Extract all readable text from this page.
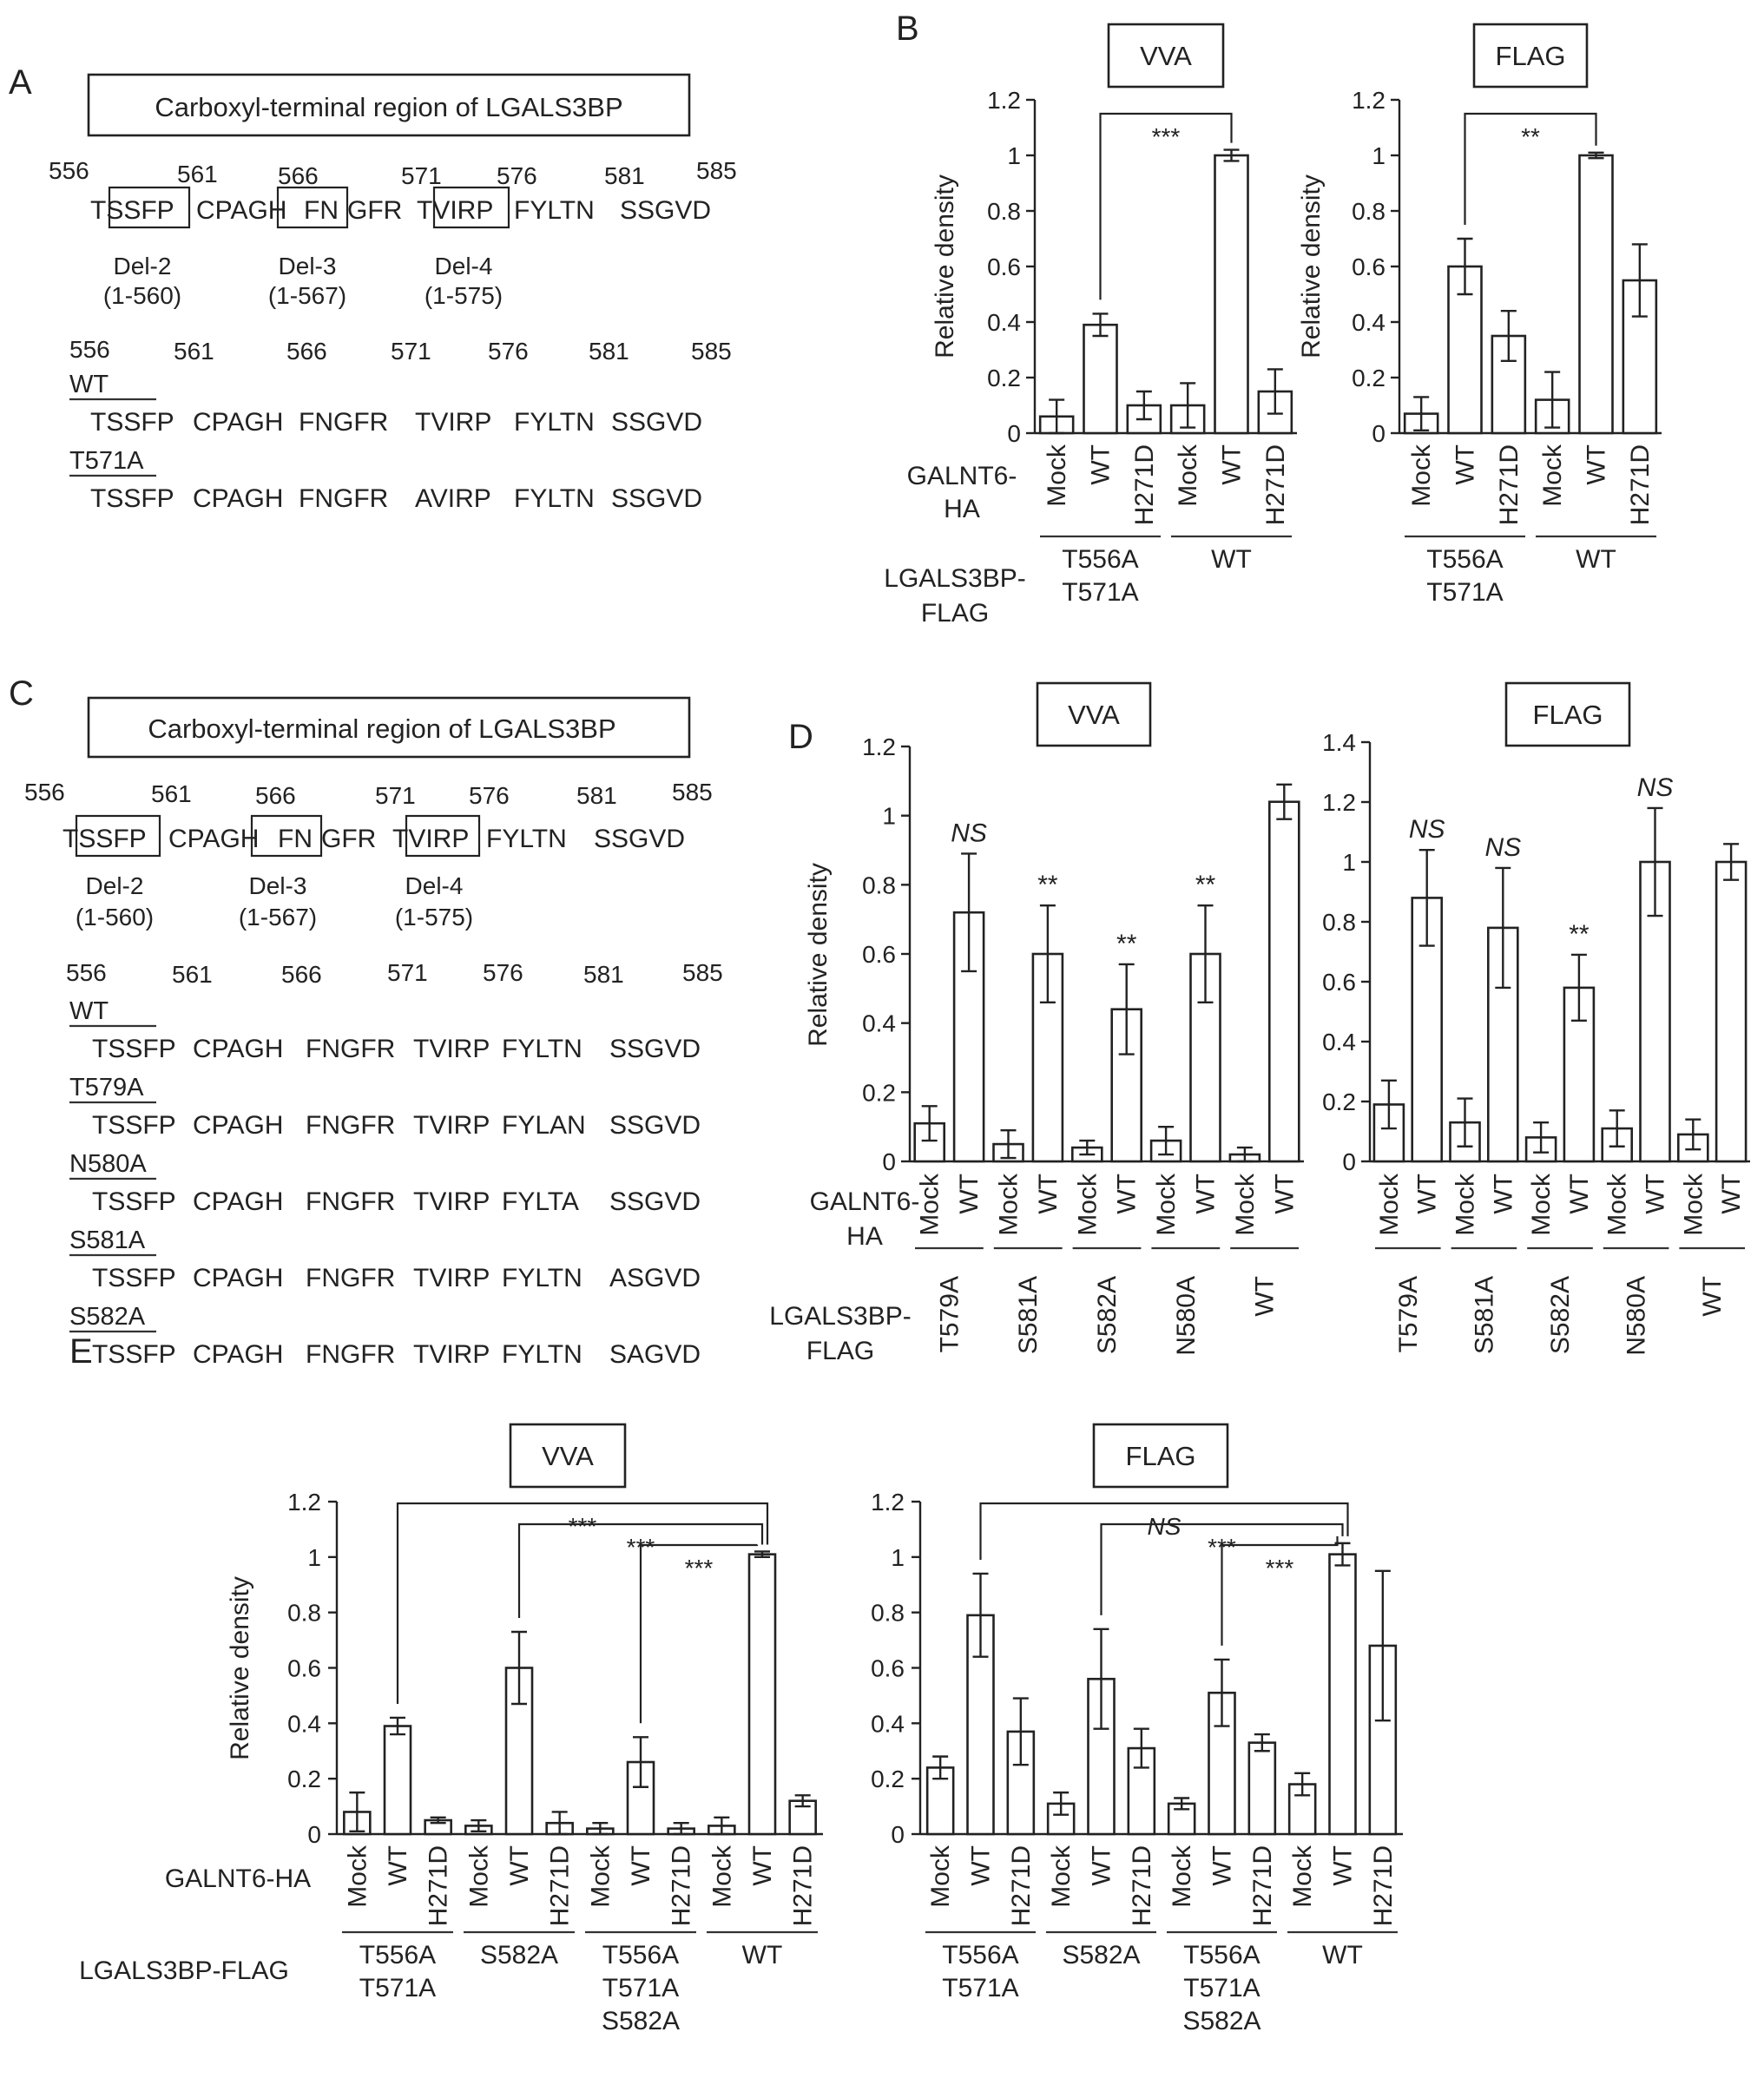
A
B
C
D
E
Carboxyl-terminal region of LGALS3BP
556	561 566	571 576	581 585
TSSFP CPAGH FN GFR TVIRP FYLTN SSGVD
Del-2
(1-560)
Del-3
(1-567)
Del-4
(1-575)
556	561	566	571 576 581	585
WT
TSSFP CPAGH FNGFR TVIRP FYLTN SSGVD
T571A
TSSFP CPAGH FNGFR AVIRP FYLTN SSGVD
Carboxyl-terminal region of LGALS3BP
556	561	566	571 576	581 585
TSSFP CPAGH FN GFR TVIRP FYLTN SSGVD
Del-2
(1-560)
Del-3
(1-567)
Del-4
(1-575)
556	561	566	571 576 581 585
WT
TSSFP CPAGH FNGFR TVIRP FYLTN SSGVD
T579A
TSSFP CPAGH FNGFR TVIRP FYLAN SSGVD
N580A
TSSFP CPAGH FNGFR TVIRP FYLTA SSGVD
S581A
TSSFP CPAGH FNGFR TVIRP FYLTN ASGVD
S582A
TSSFP CPAGH FNGFR TVIRP FYLTN SAGVD
GALNT6-
HA
LGALS3BP-
FLAG
GALNT6-
HA
LGALS3BP-
FLAG
GALNT6-HA
LGALS3BP-FLAG
VVA
0
0.2
0.4
0.6
0.8
1
1.2
Relative density
Mock WT H271D Mock WT H271D
T556A
T571A
WT
***
FLAG
0
0.2
0.4
0.6
0.8
1
1.2
Relative density
Mock WT H271D Mock WT H271D
T556A
T571A
WT
**
VVA
0
0.2
0.4
0.6
0.8
1
1.2
Relative density
Mock WT Mock WT Mock WT Mock WT Mock WT
NS
**
**
**
T579A S581A S582A N580A WT
FLAG
0
0.2
0.4
0.6
0.8
1
1.2
1.4
Mock WT Mock WT Mock WT Mock WT Mock WT
NS
NS
**
NS
T579A S581A S582A N580A WT
VVA
0
0.2
0.4
0.6
0.8
1
1.2
Relative density
Mock WT H271D Mock WT H271D Mock WT H271D Mock WT H271D
T556A
T571A
S582A T556A
T571A
S582A
WT
***
***
***
FLAG
0
0.2
0.4
0.6
0.8
1
1.2
Mock WT H271D Mock WT H271D Mock WT H271D Mock WT H271D
T556A
T571A
S582A T556A
T571A
S582A
WT
NS
***
***
